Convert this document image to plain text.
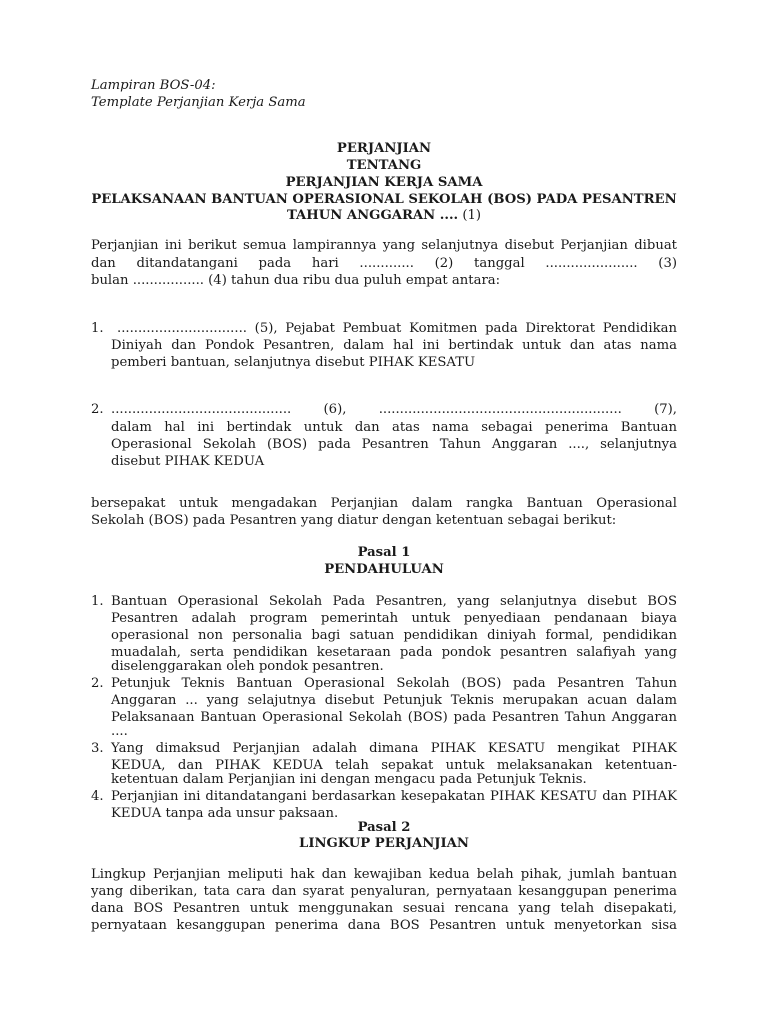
Lampiran BOS-04:
Template Perjanjian Kerja Sama
PERJANJIAN
TENTANG
PERJANJIAN KERJA SAMA
PELAKSANAAN BANTUAN OPERASIONAL SEKOLAH (BOS) PADA PESANTREN
TAHUN ANGGARAN .... (1)
Perjanjian ini berikut semua lampirannya yang selanjutnya disebut Perjanjian dibuat
dan ditandatangani pada hari ............. (2) tanggal ...................... (3)
bulan ................. (4) tahun dua ribu dua puluh empat antara:
1. ............................... (5), Pejabat Pembuat Komitmen pada Direktorat Pendidikan
Diniyah dan Pondok Pesantren, dalam hal ini bertindak untuk dan atas nama
pemberi bantuan, selanjutnya disebut PIHAK KESATU
2. ........................................... (6), .......................................................... (7),
dalam hal ini bertindak untuk dan atas nama sebagai penerima Bantuan
Operasional Sekolah (BOS) pada Pesantren Tahun Anggaran ...., selanjutnya
disebut PIHAK KEDUA
bersepakat untuk mengadakan Perjanjian dalam rangka Bantuan Operasional
Sekolah (BOS) pada Pesantren yang diatur dengan ketentuan sebagai berikut:
Pasal 1
PENDAHULUAN
1. Bantuan Operasional Sekolah Pada Pesantren, yang selanjutnya disebut BOS
Pesantren adalah program pemerintah untuk penyediaan pendanaan biaya
operasional non personalia bagi satuan pendidikan diniyah formal, pendidikan
muadalah, serta pendidikan kesetaraan pada pondok pesantren salafiyah yang
diselenggarakan oleh pondok pesantren.
2. Petunjuk Teknis Bantuan Operasional Sekolah (BOS) pada Pesantren Tahun
Anggaran ... yang selajutnya disebut Petunjuk Teknis merupakan acuan dalam
Pelaksanaan Bantuan Operasional Sekolah (BOS) pada Pesantren Tahun Anggaran
....
3. Yang dimaksud Perjanjian adalah dimana PIHAK KESATU mengikat PIHAK
KEDUA, dan PIHAK KEDUA telah sepakat untuk melaksanakan ketentuan-
ketentuan dalam Perjanjian ini dengan mengacu pada Petunjuk Teknis.
4. Perjanjian ini ditandatangani berdasarkan kesepakatan PIHAK KESATU dan PIHAK
KEDUA tanpa ada unsur paksaan.
Pasal 2
LINGKUP PERJANJIAN
Lingkup Perjanjian meliputi hak dan kewajiban kedua belah pihak, jumlah bantuan
yang diberikan, tata cara dan syarat penyaluran, pernyataan kesanggupan penerima
dana BOS Pesantren untuk menggunakan sesuai rencana yang telah disepakati,
pernyataan kesanggupan penerima dana BOS Pesantren untuk menyetorkan sisa
